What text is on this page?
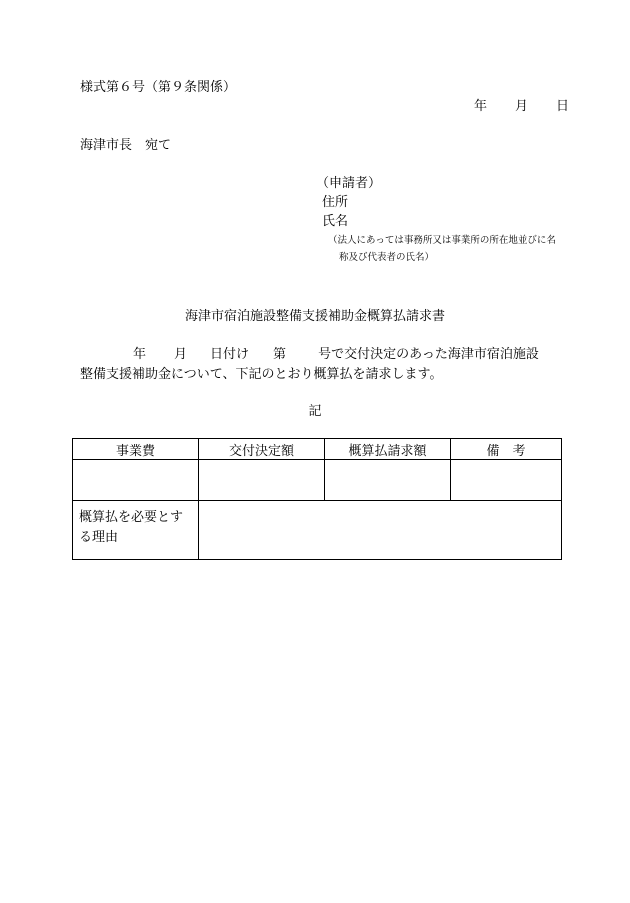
様式第６号（第９条関係）
年 月 日
海津市長　宛て
（申請者）
住所
氏名
（法人にあっては事務所又は事業所の所在地並びに名
称及び代表者の氏名）
海津市宿泊施設整備支援補助金概算払請求書
年 月 日付け 第 号で交付決定のあった海津市宿泊施設
整備支援補助金について、下記のとおり概算払を請求します。
記
事業費	交付決定額	概算払請求額	備　考

概算払を必要とする理由			
